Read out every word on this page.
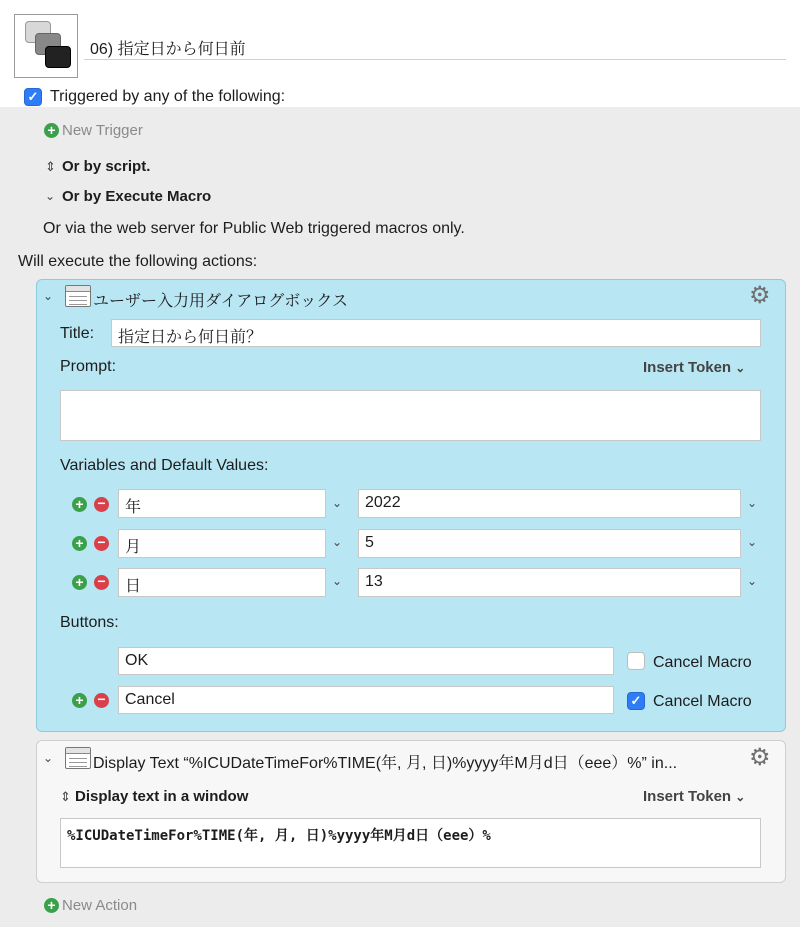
06) 指定日から何日前
✓ Triggered by any of the following:
+ New Trigger
⇕ Or by script.
⌄ Or by Execute Macro
Or via the web server for Public Web triggered macros only.
Will execute the following actions:
⌄ ユーザー入力用ダイアログボックス	⚙
Title:	指定日から何日前？
Prompt:	Insert Token ⌄
Variables and Default Values:
+ −	年	⌄	2022	⌄
+ −	月	⌄	5	⌄
+ −	日	⌄	13	⌄
Buttons:
OK	Cancel Macro
+ −	Cancel	✓ Cancel Macro
⌄ Display Text “%ICUDateTimeFor%TIME(年, 月, 日)%yyyy年M月d日（eee）%” in...	⚙
⇕ Display text in a window	Insert Token ⌄
%ICUDateTimeFor%TIME(年, 月, 日)%yyyy年M月d日（eee）%
+ New Action
